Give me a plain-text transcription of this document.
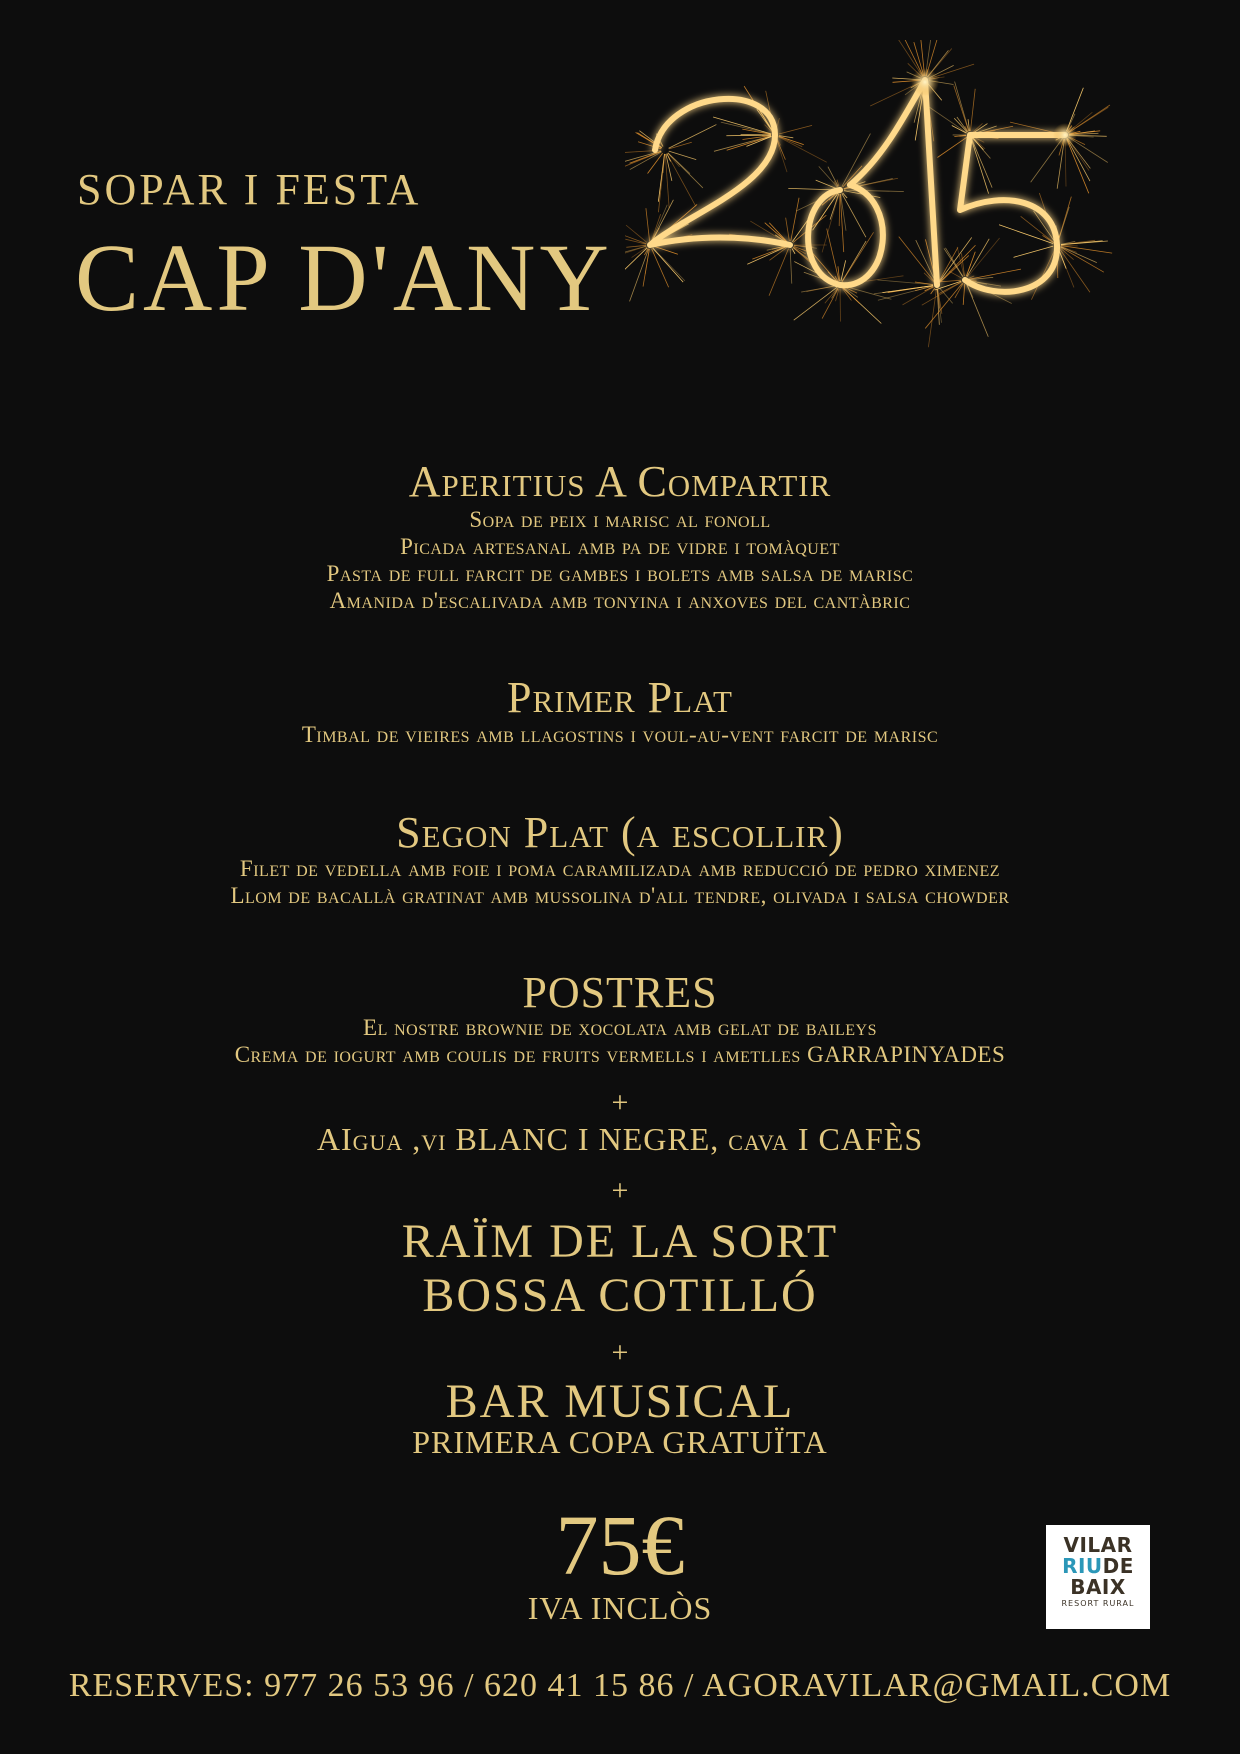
SOPAR I FESTA
CAP D'ANY
Aperitius A Compartir
Sopa de peix i marisc al fonoll
Picada artesanal amb pa de vidre i tomàquet
Pasta de full farcit de gambes i bolets amb salsa de marisc
Amanida d'escalivada amb tonyina i anxoves del cantàbric
Primer Plat
Timbal de vieires amb llagostins i voul-au-vent farcit de marisc
Segon Plat (a escollir)
Filet de vedella amb foie i poma caramilizada amb reducció de pedro ximenez
Llom de bacallà gratinat amb mussolina d'all tendre, olivada i salsa chowder
POSTRES
El nostre brownie de xocolata amb gelat de baileys
Crema de iogurt amb coulis de fruits vermells i ametlles GARRAPINYADES
+
AIgua ,vi BLANC I NEGRE, cava I CAFÈS
+
RAÏM DE LA SORT
BOSSA COTILLÓ
+
BAR MUSICAL
PRIMERA COPA GRATUÏTA
75€
IVA INCLÒS
VILAR
RIUDE
BAIX
RESORT RURAL
RESERVES: 977 26 53 96 / 620 41 15 86 / AGORAVILAR@GMAIL.COM
